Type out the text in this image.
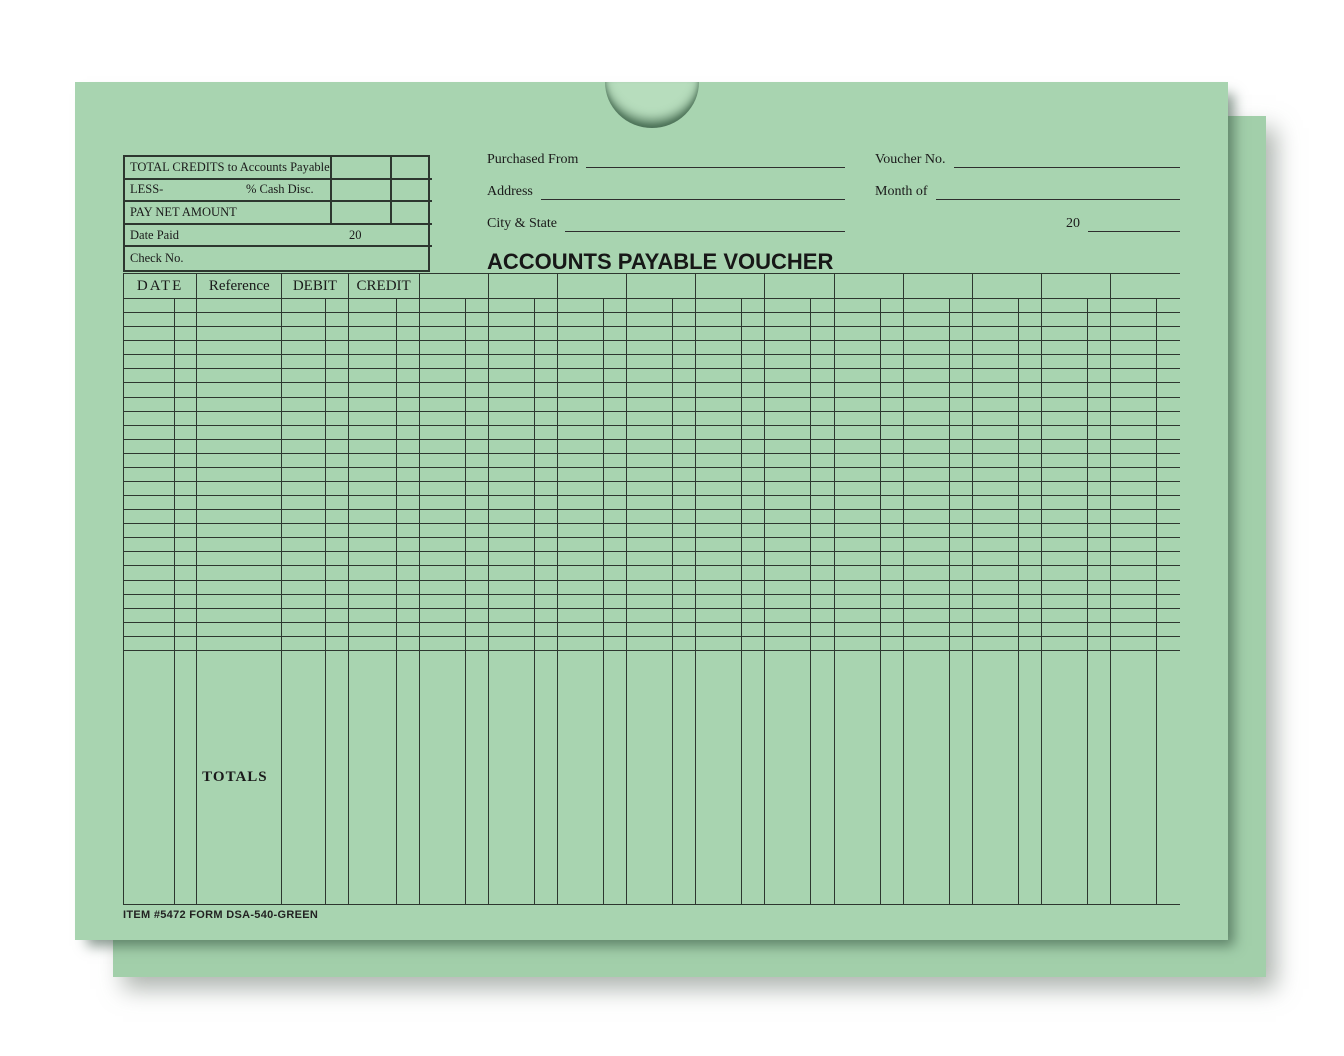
TOTAL CREDITS to Accounts Payable
LESS-	% Cash Disc.
PAY NET AMOUNT
Date Paid	20
Check No.
Purchased From	Voucher No.
Address	Month of
City & State	20
ACCOUNTS PAYABLE VOUCHER
DATE		Reference	DEBIT		CREDIT																							

		TOTALS																										
ITEM #5472 FORM DSA-540-GREEN
